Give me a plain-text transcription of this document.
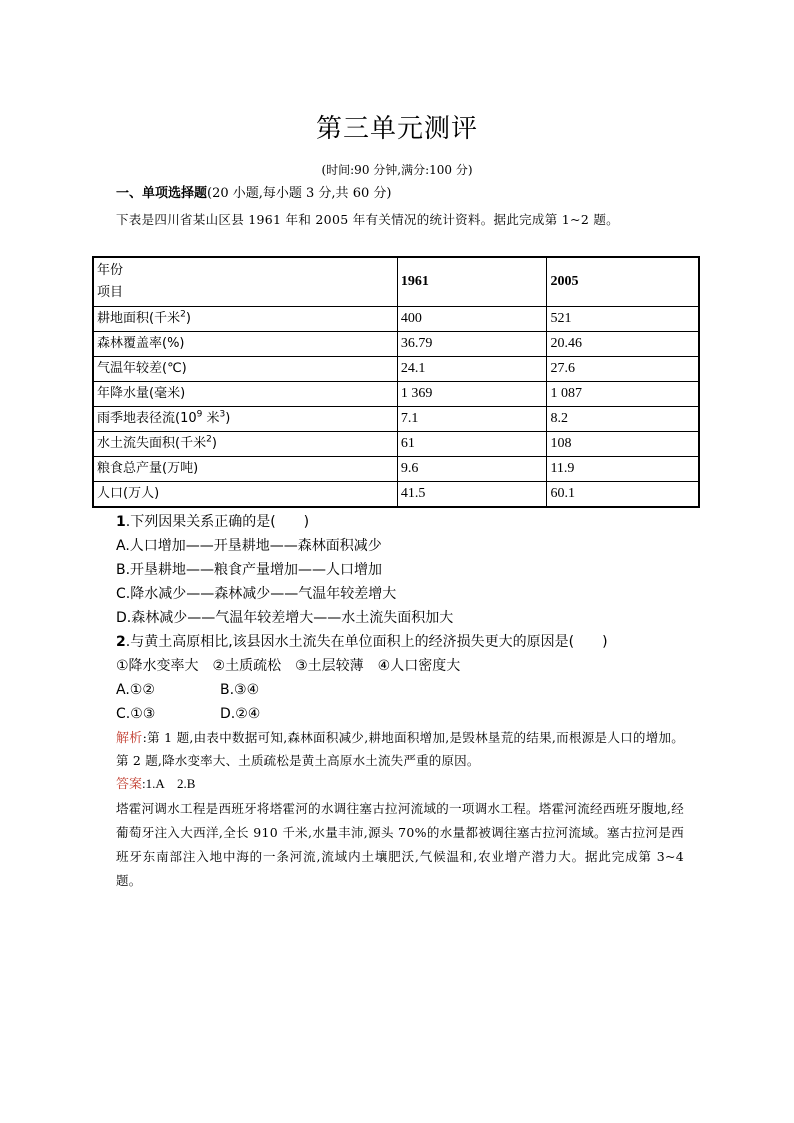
第三单元测评
(时间:90 分钟,满分:100 分)
一、单项选择题(20 小题,每小题 3 分,共 60 分)
下表是四川省某山区县 1961 年和 2005 年有关情况的统计资料。据此完成第 1~2 题。
年份
项目	1961	2005
耕地面积(千米$^2$)	400	521
森林覆盖率(%)	36.79	20.46
气温年较差(℃)	24.1	27.6
年降水量(毫米)	1 369	1 087
雨季地表径流($10^9$ 米$^3$)	7.1	8.2
水土流失面积(千米$^2$)	61	108
粮食总产量(万吨)	9.6	11.9
人口(万人)	41.5	60.1
1.下列因果关系正确的是(　　)
A.人口增加——开垦耕地——森林面积减少
B.开垦耕地——粮食产量增加——人口增加
C.降水减少——森林减少——气温年较差增大
D.森林减少——气温年较差增大——水土流失面积加大
2.与黄土高原相比,该县因水土流失在单位面积上的经济损失更大的原因是(　　)
①降水变率大　②土质疏松　③土层较薄　④人口密度大
A.①②	B.③④
C.①③	D.②④
解析:第 1 题,由表中数据可知,森林面积减少,耕地面积增加,是毁林垦荒的结果,而根源是人口的增加。第 2 题,降水变率大、土质疏松是黄土高原水土流失严重的原因。
答案:1.A　2.B
塔霍河调水工程是西班牙将塔霍河的水调往塞古拉河流域的一项调水工程。塔霍河流经西班牙腹地,经葡萄牙注入大西洋,全长 910 千米,水量丰沛,源头 70%的水量都被调往塞古拉河流域。塞古拉河是西班牙东南部注入地中海的一条河流,流域内土壤肥沃,气候温和,农业增产潜力大。据此完成第 3~4 题。
